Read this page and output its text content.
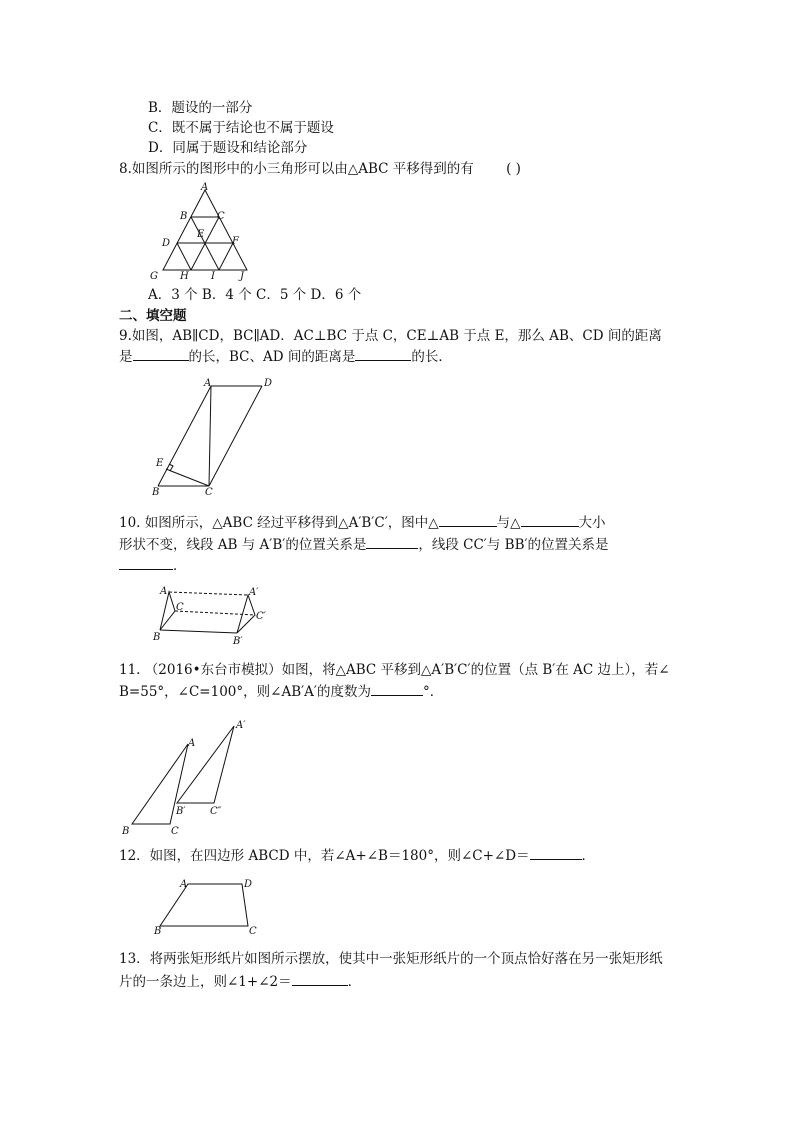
B．题设的一部分
C．既不属于结论也不属于题设
D．同属于题设和结论部分
8.如图所示的图形中的小三角形可以由△ABC 平移得到的有 ( )
A
B	C
E
D	F
G H I	J
A．3 个 B．4 个 C．5 个 D．6 个
二、填空题
9.如图，AB∥CD，BC∥AD．AC⊥BC 于点 C，CE⊥AB 于点 E，那么 AB、CD 间的距离
是	的长，BC、AD 间的距离是	的长．
A	D
E
B	C
10. 如图所示，△ABC 经过平移得到△A′B′C′，图中△	与△	大小
形状不变，线段 AB 与 A′B′的位置关系是	，线段 CC′与 BB′的位置关系是
．
A
C
B
A′
C′
B′
11. （2016•东台市模拟）如图，将△ABC 平移到△A′B′C′的位置（点 B′在 AC 边上），若∠
B=55°，∠C=100°，则∠AB′A′的度数为	°．
A
A′
B′ C″
B	C
12．如图，在四边形 ABCD 中，若∠A+∠B＝180°，则∠C+∠D＝	．
A	D
B	C
13．将两张矩形纸片如图所示摆放，使其中一张矩形纸片的一个顶点恰好落在另一张矩形纸
片的一条边上，则∠1+∠2＝	．
